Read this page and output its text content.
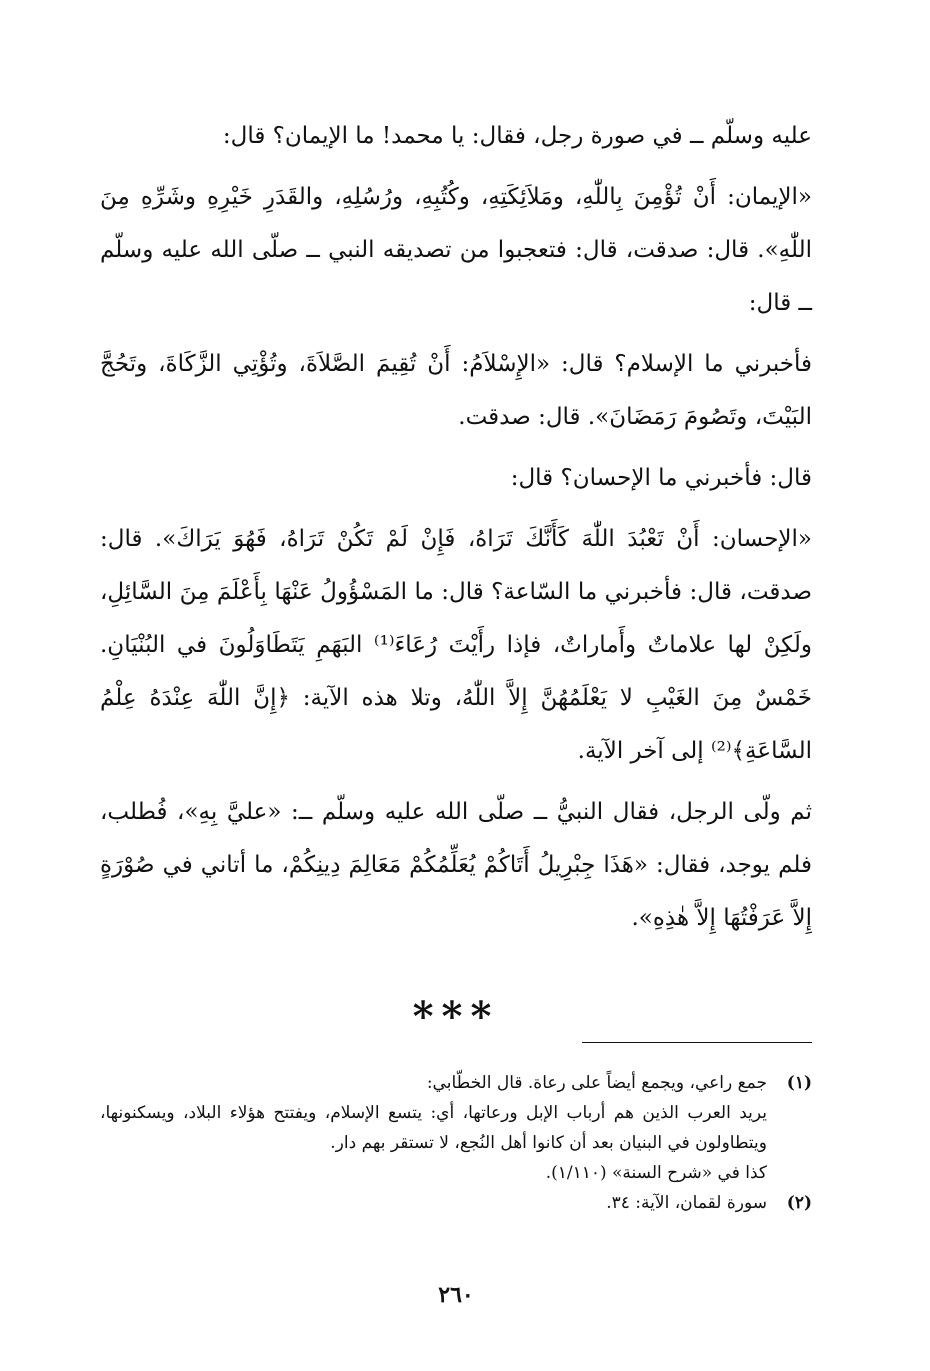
عليه وسلّم ــ في صورة رجل، فقال: يا محمد! ما الإيمان؟ قال:

«الإيمان: أَنْ تُؤْمِنَ بِاللّٰهِ، ومَلاَئِكَتِهِ، وكُتُبِهِ، ورُسُلِهِ، والقَدَرِ خَيْرِهِ وشَرِّهِ مِنَ اللّٰهِ». قال: صدقت، قال: فتعجبوا من تصديقه النبي ــ صلّى الله عليه وسلّم ــ قال:

فأخبرني ما الإسلام؟ قال: «الإِسْلاَمُ: أَنْ تُقِيمَ الصَّلاَةَ، وتُؤْتِي الزَّكَاةَ، وتَحُجَّ البَيْتَ، وتَصُومَ رَمَضَانَ». قال: صدقت.

قال: فأخبرني ما الإحسان؟ قال:

«الإحسان: أَنْ تَعْبُدَ اللّٰهَ كَأَنَّكَ تَرَاهُ، فَإِنْ لَمْ تَكُنْ تَرَاهُ، فَهُوَ يَرَاكَ». قال: صدقت، قال: فأخبرني ما السّاعة؟ قال: ما المَسْؤُولُ عَنْهَا بِأَعْلَمَ مِنَ السَّائِلِ، ولَكِنْ لها علاماتٌ وأَماراتٌ، فإذا رأَيْتَ رُعَاءَ⁽¹⁾ البَهَمِ يَتَطَاوَلُونَ في البُنْيَانِ. خَمْسٌ مِنَ الغَيْبِ لا يَعْلَمُهُنَّ إِلاَّ اللّٰهُ، وتلا هذه الآية: ﴿إِنَّ اللّٰهَ عِنْدَهُ عِلْمُ السَّاعَةِ﴾⁽²⁾ إلى آخر الآية.

ثم ولّى الرجل، فقال النبيُّ ــ صلّى الله عليه وسلّم ــ: «عليَّ بِهِ»، فُطلب، فلم يوجد، فقال: «هَذَا جِبْرِيلُ أَتَاكُمْ يُعَلِّمُكُمْ مَعَالِمَ دِينِكُمْ، ما أتاني في صُوْرَةٍ إِلاَّ عَرَفْتُهَا إِلاَّ هٰذِهِ».

***
(١)
جمع راعي، ويجمع أيضاً على رعاة. قال الخطّابي:
يريد العرب الذين هم أرباب الإبل ورعاتها، أي: يتسع الإسلام، ويفتتح هؤلاء البلاد، ويسكنونها، ويتطاولون في البنيان بعد أن كانوا أهل النُجع، لا تستقر بهم دار.
كذا في «شرح السنة» (١/١١٠).
(٢)
سورة لقمان، الآية: ٣٤.
٢٦٠
